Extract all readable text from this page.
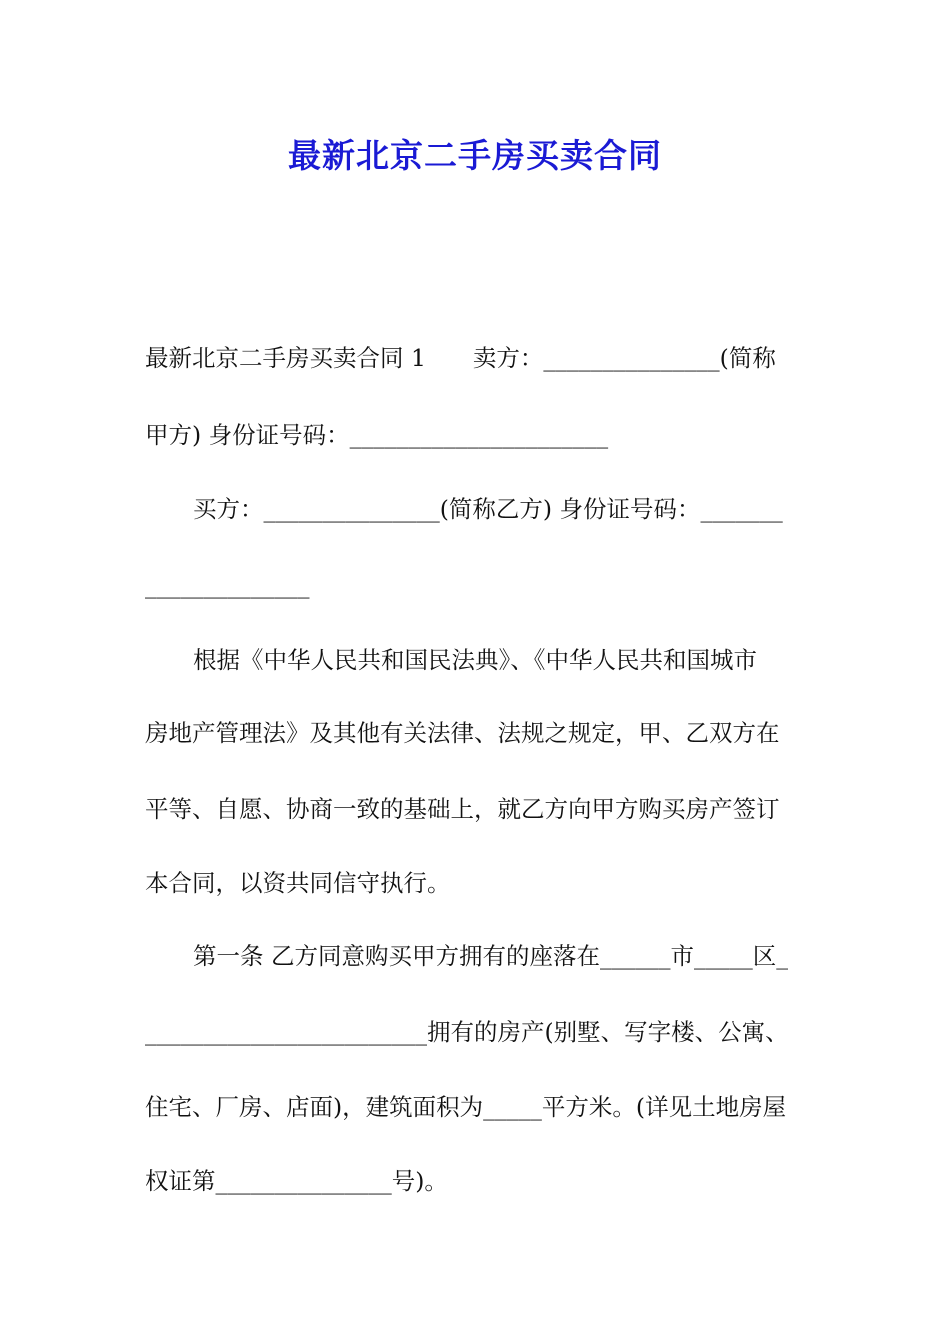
最新北京二手房买卖合同
最新北京二手房买卖合同 1　　卖方：_______________(简称
甲方) 身份证号码：______________________
买方：_______________(简称乙方) 身份证号码：_______
______________
根据《中华人民共和国民法典》、《中华人民共和国城市
房地产管理法》及其他有关法律、法规之规定，甲、乙双方在
平等、自愿、协商一致的基础上，就乙方向甲方购买房产签订
本合同，以资共同信守执行。
第一条 乙方同意购买甲方拥有的座落在______市_____区_
________________________拥有的房产(别墅、写字楼、公寓、
住宅、厂房、店面)，建筑面积为_____平方米。(详见土地房屋
权证第_______________号)。
